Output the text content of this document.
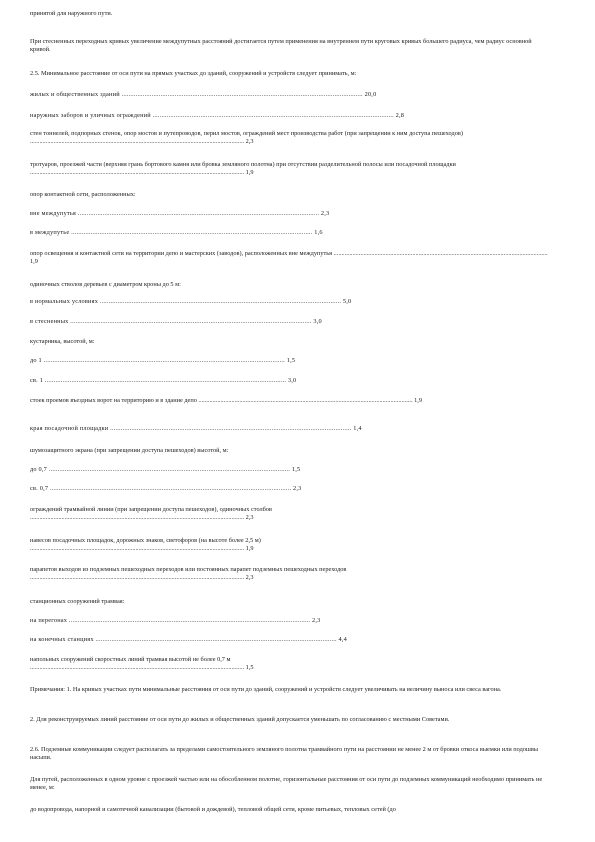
принятой для наружного пути.

При стесненных переходных кривых увеличение междупутных расстояний достигается путем применения на внутреннем пути круговых кривых большего радиуса, чем радиус основной кривой.

2.5. Минимальное расстояние от оси пути на прямых участках до зданий, сооружений и устройств следует принимать, м:

жилых и общественных зданий ........................................................................................................................................ 20,0

наружных заборов и уличных ограждений ........................................................................................................................................ 2,8

стен тоннелей, подпорных стенок, опор мостов и путепроводов, перил мостов, ограждений мест производства работ (при запрещении к ним доступа пешеходов) ........................................................................................................................................ 2,3

тротуаров, проезжей части (верхняя грань бортового камня или бровка земляного полотна) при отсутствии разделительной полосы или посадочной площадки ........................................................................................................................................ 1,9

опор контактной сети, расположенных:

вне междупутья ........................................................................................................................................ 2,3

в междупутье ........................................................................................................................................ 1,6

опор освещения и контактной сети на территории депо и мастерских (заводов), расположенных вне междупутья ........................................................................................................................................ 1,9

одиночных стволов деревьев с диаметром кроны до 5 м:

в нормальных условиях ........................................................................................................................................ 5,0

в стесненных ........................................................................................................................................ 3,0

кустарника, высотой, м:

до 1 ........................................................................................................................................ 1,5

св. 1 ........................................................................................................................................ 3,0

стоек проемов въездных ворот на территорию и в здание депо ........................................................................................................................................ 1,9

края посадочной площадки ........................................................................................................................................ 1,4

шумозащитного экрана (при запрещении доступа пешеходов) высотой, м:

до 0,7 ........................................................................................................................................ 1,5

св. 0,7 ........................................................................................................................................ 2,3

ограждений трамвайной линии (при запрещении доступа пешеходов), одиночных столбов ........................................................................................................................................ 2,3

навесов посадочных площадок, дорожных знаков, светофоров (на высоте более 2,5 м) ........................................................................................................................................ 1,9

парапетов выходов из подземных пешеходных переходов или постоянных парапет подземных пешеходных переходов ........................................................................................................................................ 2,3

станционных сооружений трамвая:

на перегонах ........................................................................................................................................ 2,3

на конечных станциях ........................................................................................................................................ 4,4

напольных сооружений скоростных линий трамвая высотой не более 0,7 м ........................................................................................................................................ 1,5

Примечания: 1. На кривых участках пути минимальные расстояния от оси пути до зданий, сооружений и устройств следует увеличивать на величину выноса или свеса вагона.

2. Для реконструируемых линий расстояние от оси пути до жилых и общественных зданий допускается уменьшать по согласованию с местными Советами.

2.6. Подземные коммуникации следует располагать за пределами самостоятельного земляного полотна трамвайного пути на расстоянии не менее 2 м от бровки откоса выемки или подошвы насыпи.

Для путей, расположенных в одном уровне с проезжей частью или на обособленном полотне, горизонтальные расстояния от оси пути до подземных коммуникаций необходимо принимать не менее, м:

до водопровода, напорной и самотечной канализации (бытовой и дождевой), тепловой общей сети, кроме питьевых, тепловых сетей (до
